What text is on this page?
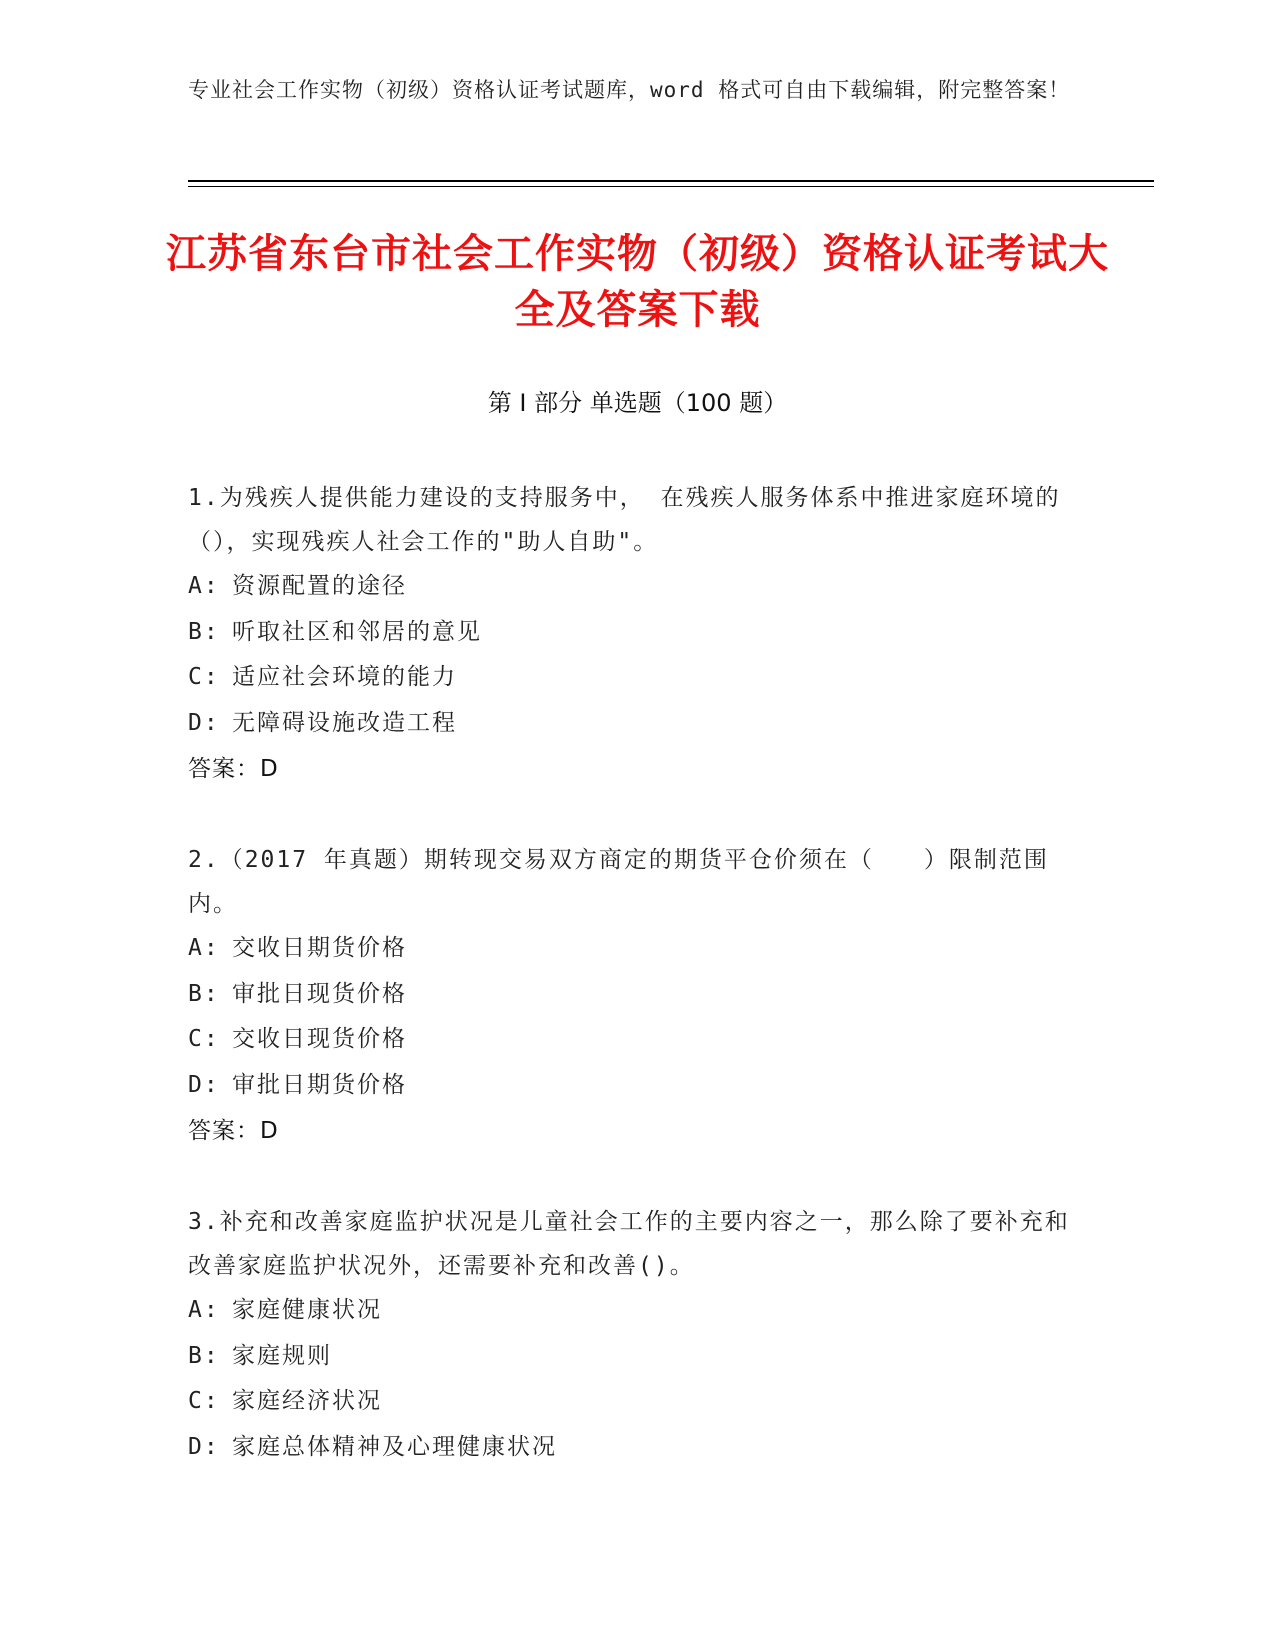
专业社会工作实物（初级）资格认证考试题库，word 格式可自由下载编辑，附完整答案！
江苏省东台市社会工作实物（初级）资格认证考试大全及答案下载
第 I 部分 单选题（100 题）
1.为残疾人提供能力建设的支持服务中， 在残疾人服务体系中推进家庭环境的（），实现残疾人社会工作的"助人自助"。
A: 资源配置的途径
B: 听取社区和邻居的意见
C: 适应社会环境的能力
D: 无障碍设施改造工程
答案：D
2.（2017 年真题）期转现交易双方商定的期货平仓价须在（　　）限制范围内。
A: 交收日期货价格
B: 审批日现货价格
C: 交收日现货价格
D: 审批日期货价格
答案：D
3.补充和改善家庭监护状况是儿童社会工作的主要内容之一，那么除了要补充和改善家庭监护状况外，还需要补充和改善()。
A: 家庭健康状况
B: 家庭规则
C: 家庭经济状况
D: 家庭总体精神及心理健康状况
